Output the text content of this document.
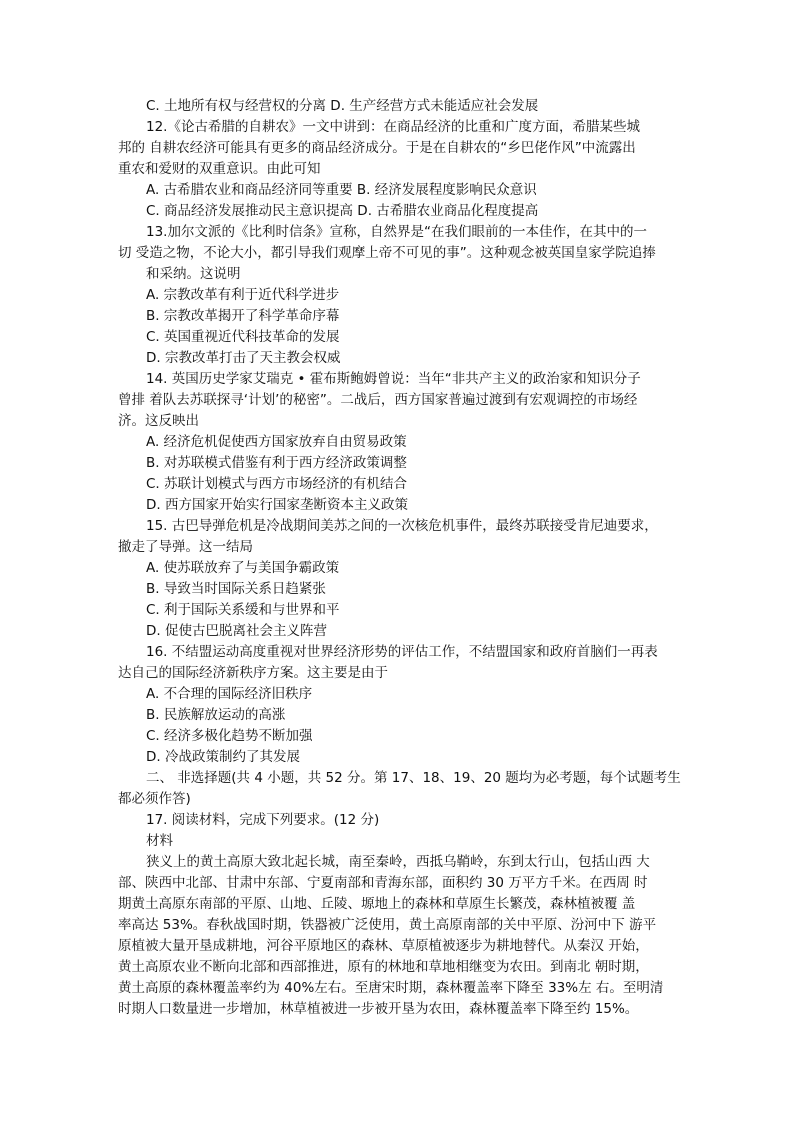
C. 土地所有权与经营权的分离 D. 生产经营方式未能适应社会发展
12.《论古希腊的自耕农》一文中讲到：在商品经济的比重和广度方面，希腊某些城
邦的 自耕农经济可能具有更多的商品经济成分。于是在自耕农的“乡巴佬作风”中流露出
重农和爱财的双重意识。由此可知
A. 古希腊农业和商品经济同等重要 B. 经济发展程度影响民众意识
C. 商品经济发展推动民主意识提高 D. 古希腊农业商品化程度提高
13.加尔文派的《比利时信条》宣称，自然界是“在我们眼前的一本佳作，在其中的一
切 受造之物，不论大小，都引导我们观摩上帝不可见的事”。这种观念被英国皇家学院追捧
和采纳。这说明
A. 宗教改革有利于近代科学进步
B. 宗教改革揭开了科学革命序幕
C. 英国重视近代科技革命的发展
D. 宗教改革打击了天主教会权威
14. 英国历史学家艾瑞克 • 霍布斯鲍姆曾说：当年“非共产主义的政治家和知识分子
曾排 着队去苏联探寻‘计划’的秘密”。二战后，西方国家普遍过渡到有宏观调控的市场经
济。这反映出
A. 经济危机促使西方国家放弃自由贸易政策
B. 对苏联模式借鉴有利于西方经济政策调整
C. 苏联计划模式与西方市场经济的有机结合
D. 西方国家开始实行国家垄断资本主义政策
15. 古巴导弹危机是冷战期间美苏之间的一次核危机事件，最终苏联接受肯尼迪要求，
撤走了导弹。这一结局
A. 使苏联放弃了与美国争霸政策
B. 导致当时国际关系日趋紧张
C. 利于国际关系缓和与世界和平
D. 促使古巴脱离社会主义阵营
16. 不结盟运动高度重视对世界经济形势的评估工作，不结盟国家和政府首脑们一再表
达自己的国际经济新秩序方案。这主要是由于
A. 不合理的国际经济旧秩序
B. 民族解放运动的高涨
C. 经济多极化趋势不断加强
D. 冷战政策制约了其发展
二、 非选择题(共 4 小题，共 52 分。第 17、18、19、20 题均为必考题，每个试题考生
都必须作答)
17. 阅读材料，完成下列要求。(12 分)
材料
狭义上的黄土高原大致北起长城，南至秦岭，西抵乌鞘岭，东到太行山，包括山西 大
部、陕西中北部、甘肃中东部、宁夏南部和青海东部，面积约 30 万平方千米。在西周 时
期黄土高原东南部的平原、山地、丘陵、塬地上的森林和草原生长繁茂，森林植被覆 盖
率高达 53%。春秋战国时期，铁器被广泛使用，黄土高原南部的关中平原、汾河中下 游平
原植被大量开垦成耕地，河谷平原地区的森林、草原植被逐步为耕地替代。从秦汉 开始，
黄土高原农业不断向北部和西部推进，原有的林地和草地相继变为农田。到南北 朝时期，
黄土高原的森林覆盖率约为 40%左右。至唐宋时期，森林覆盖率下降至 33%左 右。至明清
时期人口数量进一步增加，林草植被进一步被开垦为农田，森林覆盖率下降至约 15%。
